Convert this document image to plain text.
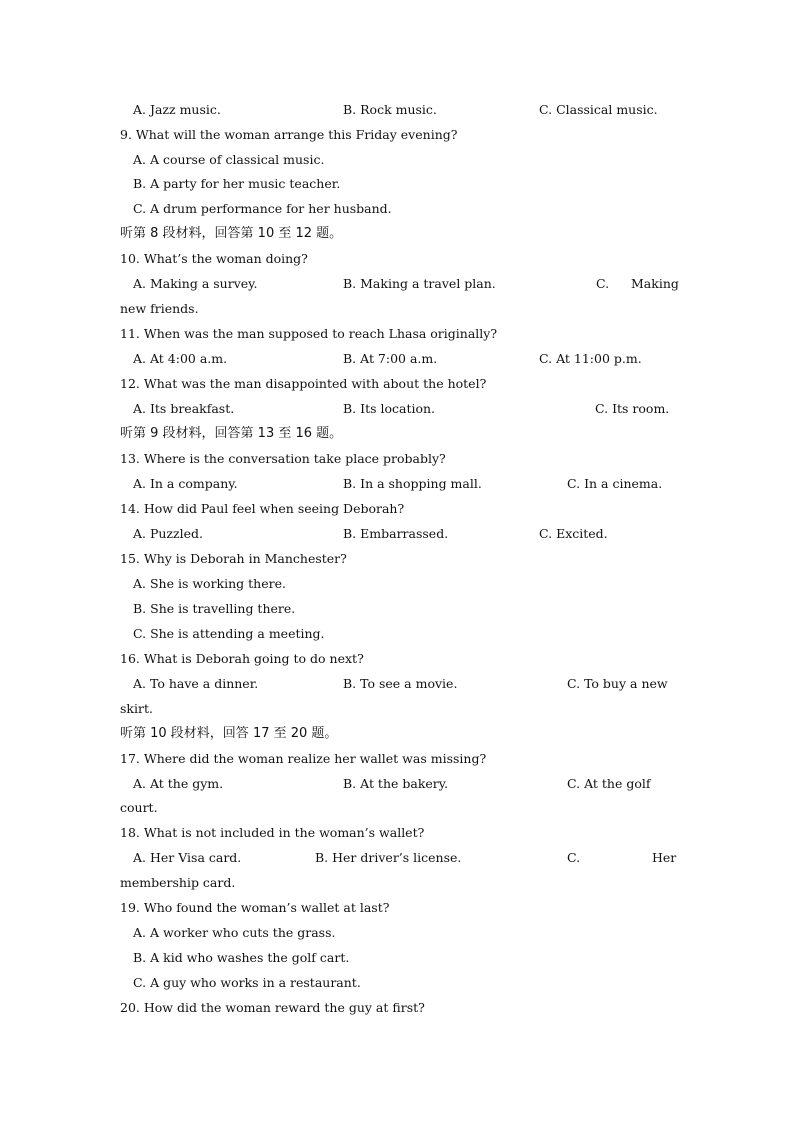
A. Jazz music.	B. Rock music.	C. Classical music.
9. What will the woman arrange this Friday evening?
A. A course of classical music.
B. A party for her music teacher.
C. A drum performance for her husband.
听第 8 段材料，回答第 10 至 12 题。
10. What’s the woman doing?
A. Making a survey.	B. Making a travel plan.	C. Making
new friends.
11. When was the man supposed to reach Lhasa originally?
A. At 4:00 a.m.	B. At 7:00 a.m.	C. At 11:00 p.m.
12. What was the man disappointed with about the hotel?
A. Its breakfast.	B. Its location.	C. Its room.
听第 9 段材料，回答第 13 至 16 题。
13. Where is the conversation take place probably?
A. In a company.	B. In a shopping mall.	C. In a cinema.
14. How did Paul feel when seeing Deborah?
A. Puzzled.	B. Embarrassed.	C. Excited.
15. Why is Deborah in Manchester?
A. She is working there.
B. She is travelling there.
C. She is attending a meeting.
16. What is Deborah going to do next?
A. To have a dinner.	B. To see a movie.	C. To buy a new
skirt.
听第 10 段材料，回答 17 至 20 题。
17. Where did the woman realize her wallet was missing?
A. At the gym.	B. At the bakery.	C. At the golf
court.
18. What is not included in the woman’s wallet?
A. Her Visa card.	B. Her driver’s license.	C.	Her
membership card.
19. Who found the woman’s wallet at last?
A. A worker who cuts the grass.
B. A kid who washes the golf cart.
C. A guy who works in a restaurant.
20. How did the woman reward the guy at first?
